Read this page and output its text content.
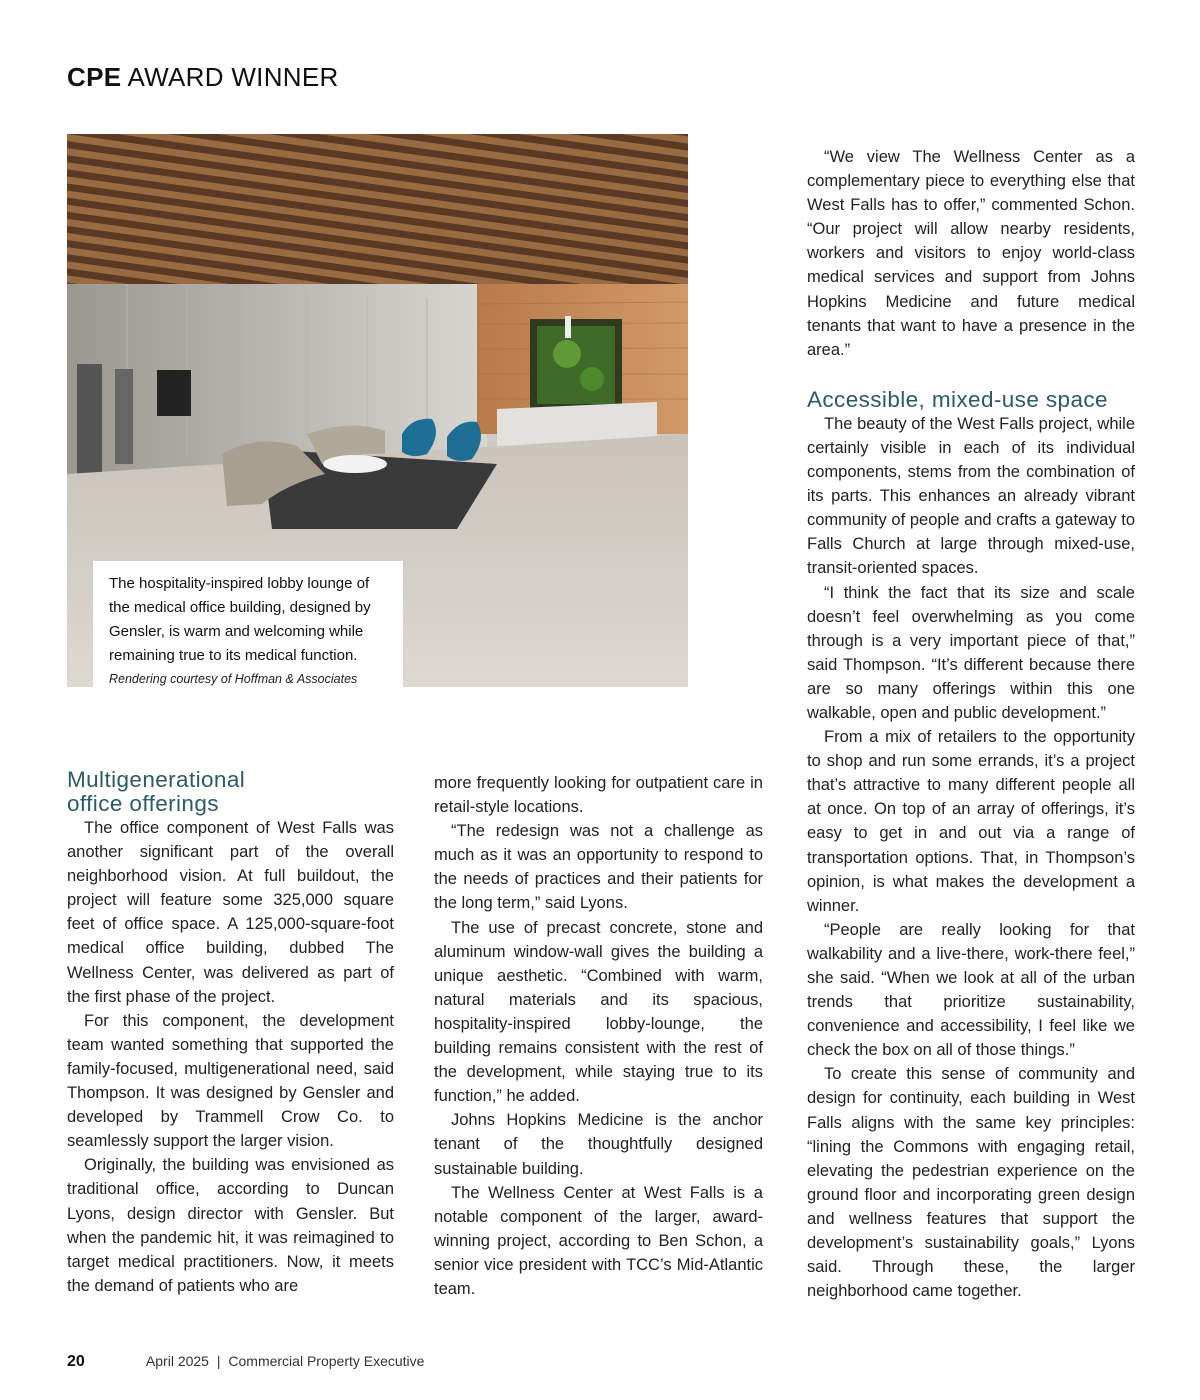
CPE AWARD WINNER
The hospitality-inspired lobby lounge of the medical office building, designed by Gensler, is warm and welcoming while remaining true to its medical function.
Rendering courtesy of Hoffman & Associates
Multigenerational
office offerings

The office component of West Falls was another significant part of the overall neighborhood vision. At full buildout, the project will feature some 325,000 square feet of office space. A 125,000-square-foot medical office building, dubbed The Wellness Center, was delivered as part of the first phase of the project.

For this component, the development team wanted something that supported the family-focused, multigenerational need, said Thompson. It was designed by Gensler and developed by Trammell Crow Co. to seamlessly support the larger vision.

Originally, the building was envisioned as traditional office, according to Duncan Lyons, design director with Gensler. But when the pandemic hit, it was reimagined to target medical practitioners. Now, it meets the demand of patients who are

more frequently looking for outpatient care in retail-style locations.

“The redesign was not a challenge as much as it was an opportunity to respond to the needs of practices and their patients for the long term,” said Lyons.

The use of precast concrete, stone and aluminum window-wall gives the building a unique aesthetic. “Combined with warm, natural materials and its spacious, hospitality-inspired lobby-lounge, the building remains consistent with the rest of the development, while staying true to its function,” he added.

Johns Hopkins Medicine is the anchor tenant of the thoughtfully designed sustainable building.

The Wellness Center at West Falls is a notable component of the larger, award-winning project, according to Ben Schon, a senior vice president with TCC’s Mid-Atlantic team.

“We view The Wellness Center as a complementary piece to everything else that West Falls has to offer,” commented Schon. “Our project will allow nearby residents, workers and visitors to enjoy world-class medical services and support from Johns Hopkins Medicine and future medical tenants that want to have a presence in the area.”

Accessible, mixed-use space

The beauty of the West Falls project, while certainly visible in each of its individual components, stems from the combination of its parts. This enhances an already vibrant community of people and crafts a gateway to Falls Church at large through mixed-use, transit-oriented spaces.

“I think the fact that its size and scale doesn’t feel overwhelming as you come through is a very important piece of that,” said Thompson. “It’s different because there are so many offerings within this one walkable, open and public development.”

From a mix of retailers to the opportunity to shop and run some errands, it’s a project that’s attractive to many different people all at once. On top of an array of offerings, it’s easy to get in and out via a range of transportation options. That, in Thompson’s opinion, is what makes the development a winner.

“People are really looking for that walkability and a live-there, work-there feel,” she said. “When we look at all of the urban trends that prioritize sustainability, convenience and accessibility, I feel like we check the box on all of those things.”

To create this sense of community and design for continuity, each building in West Falls aligns with the same key principles: “lining the Commons with engaging retail, elevating the pedestrian experience on the ground floor and incorporating green design and wellness features that support the development’s sustainability goals,” Lyons said. Through these, the larger neighborhood came together.

20	April 2025 | Commercial Property Executive
